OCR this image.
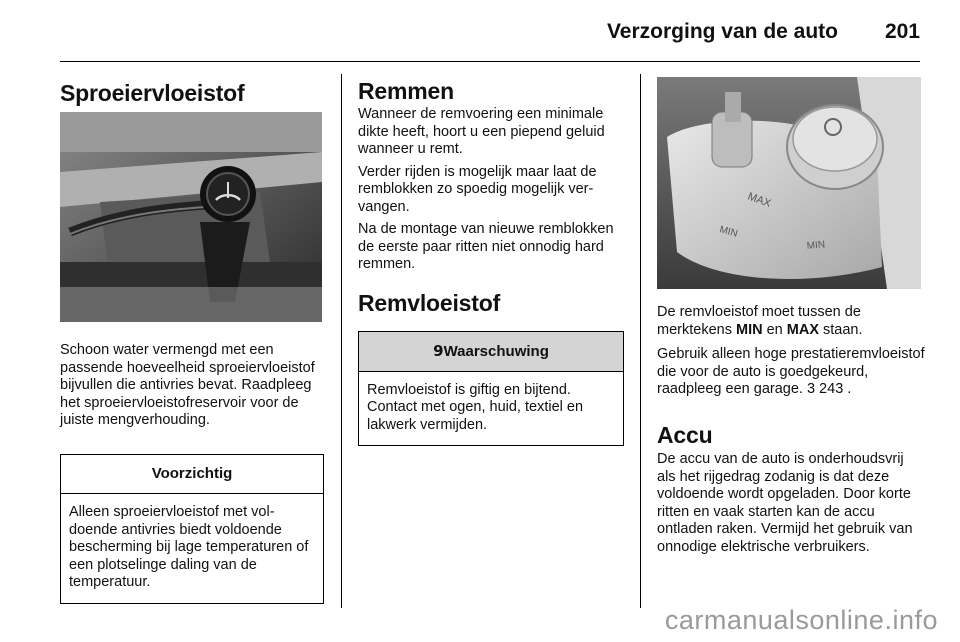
Verzorging van de auto 201
Sproeiervloeistof

Schoon water vermengd met een passende hoeveelheid sproeiervloeistof bijvullen die antivries bevat. Raadpleeg het sproeiervloeistofreservoir voor de juiste mengverhouding.

Voorzichtig
Alleen sproeiervloeistof met voldoende antivries biedt voldoende bescherming bij lage temperaturen of een plotselinge daling van de temperatuur.
Remmen

Wanneer de remvoering een minimale dikte heeft, hoort u een piepend geluid wanneer u remt.

Verder rijden is mogelijk maar laat de remblokken zo spoedig mogelijk vervangen.

Na de montage van nieuwe remblokken de eerste paar ritten niet onnodig hard remmen.

Remvloeistof
9Waarschuwing
Remvloeistof is giftig en bijtend. Contact met ogen, huid, textiel en lakwerk vermijden.
MAX
MIN
MIN

De remvloeistof moet tussen de merktekens MIN en MAX staan.

Gebruik alleen hoge prestatieremvloeistof die voor de auto is goedgekeurd, raadpleeg een garage. 3 243 .

Accu

De accu van de auto is onderhoudsvrij als het rijgedrag zodanig is dat deze voldoende wordt opgeladen. Door korte ritten en vaak starten kan de accu ontladen raken. Vermijd het gebruik van onnodige elektrische verbruikers.

carmanualsonline.info
